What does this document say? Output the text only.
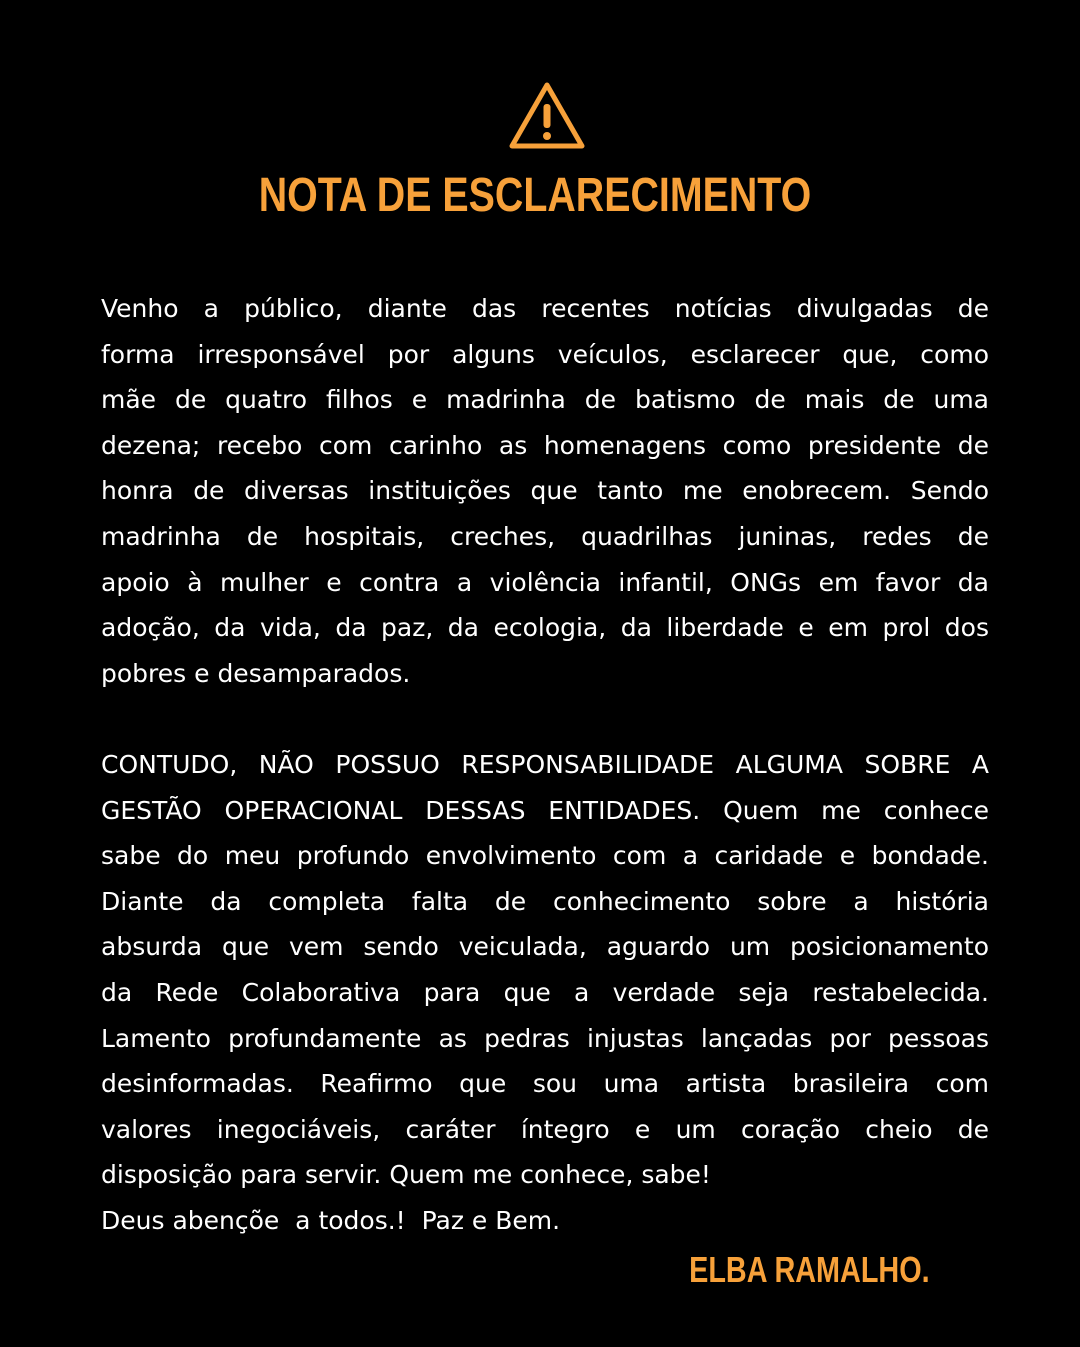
NOTA DE ESCLARECIMENTO
Venho a público, diante das recentes notícias divulgadas de
forma irresponsável por alguns veículos, esclarecer que, como
mãe de quatro filhos e madrinha de batismo de mais de uma
dezena; recebo com carinho as homenagens como presidente de
honra de diversas instituições que tanto me enobrecem. Sendo
madrinha de hospitais, creches, quadrilhas juninas, redes de
apoio à mulher e contra a violência infantil, ONGs em favor da
adoção, da vida, da paz, da ecologia, da liberdade e em prol dos
pobres e desamparados.
CONTUDO, NÃO POSSUO RESPONSABILIDADE ALGUMA SOBRE A
GESTÃO OPERACIONAL DESSAS ENTIDADES. Quem me conhece
sabe do meu profundo envolvimento com a caridade e bondade.
Diante da completa falta de conhecimento sobre a história
absurda que vem sendo veiculada, aguardo um posicionamento
da Rede Colaborativa para que a verdade seja restabelecida.
Lamento profundamente as pedras injustas lançadas por pessoas
desinformadas. Reafirmo que sou uma artista brasileira com
valores inegociáveis, caráter íntegro e um coração cheio de
disposição para servir. Quem me conhece, sabe!
Deus abençõe  a todos.!  Paz e Bem.
ELBA RAMALHO.
